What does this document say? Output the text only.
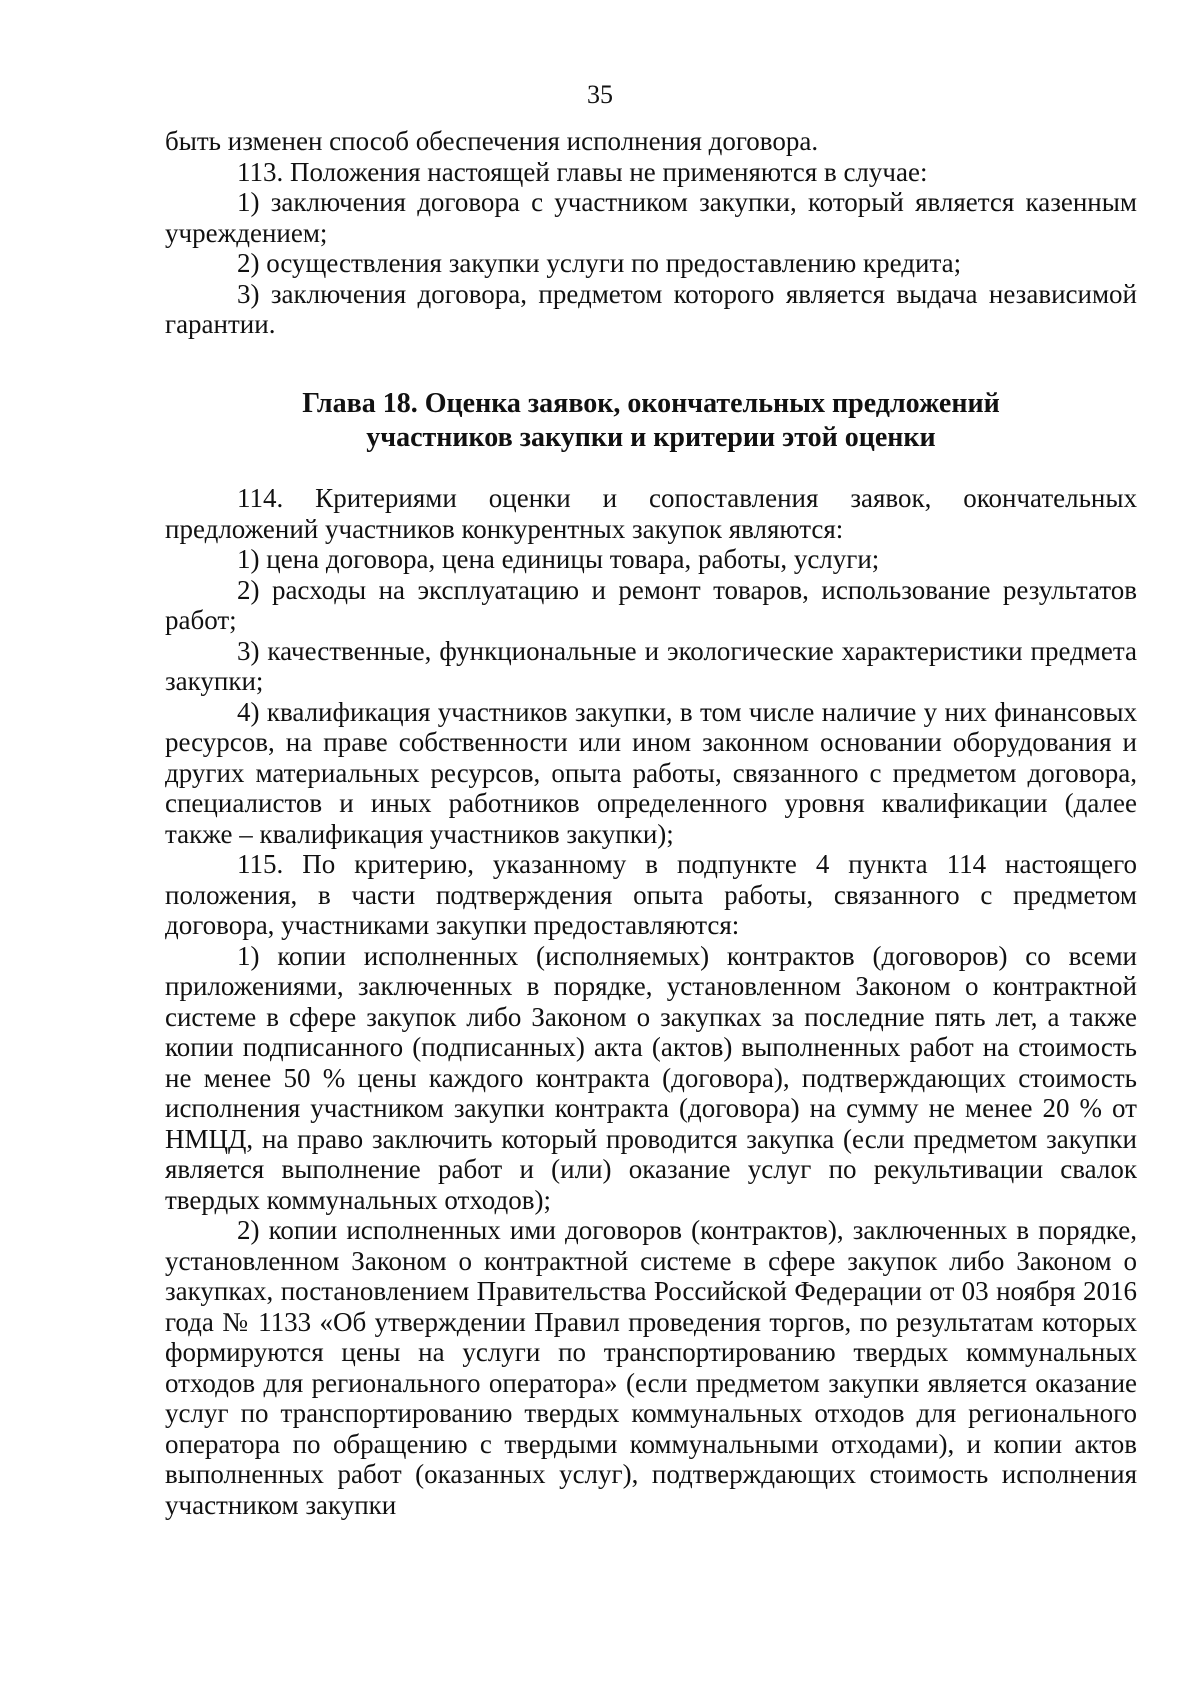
35

быть изменен способ обеспечения исполнения договора.

113. Положения настоящей главы не применяются в случае:

1) заключения договора с участником закупки, который является казенным учреждением;

2) осуществления закупки услуги по предоставлению кредита;

3) заключения договора, предметом которого является выдача независимой гарантии.

Глава 18. Оценка заявок, окончательных предложений
участников закупки и критерии этой оценки

114. Критериями оценки и сопоставления заявок, окончательных предложений участников конкурентных закупок являются:

1) цена договора, цена единицы товара, работы, услуги;

2) расходы на эксплуатацию и ремонт товаров, использование результатов работ;

3) качественные, функциональные и экологические характеристики предмета закупки;

4) квалификация участников закупки, в том числе наличие у них финансовых ресурсов, на праве собственности или ином законном основании оборудования и других материальных ресурсов, опыта работы, связанного с предметом договора, специалистов и иных работников определенного уровня квалификации (далее также – квалификация участников закупки);

115. По критерию, указанному в подпункте 4 пункта 114 настоящего положения, в части подтверждения опыта работы, связанного с предметом договора, участниками закупки предоставляются:

1) копии исполненных (исполняемых) контрактов (договоров) со всеми приложениями, заключенных в порядке, установленном Законом о контрактной системе в сфере закупок либо Законом о закупках за последние пять лет, а также копии подписанного (подписанных) акта (актов) выполненных работ на стоимость не менее 50 % цены каждого контракта (договора), подтверждающих стоимость исполнения участником закупки контракта (договора) на сумму не менее 20 % от НМЦД, на право заключить который проводится закупка (если предметом закупки является выполнение работ и (или) оказание услуг по рекультивации свалок твердых коммунальных отходов);

2) копии исполненных ими договоров (контрактов), заключенных в порядке, установленном Законом о контрактной системе в сфере закупок либо Законом о закупках, постановлением Правительства Российской Федерации от 03 ноября 2016 года № 1133 «Об утверждении Правил проведения торгов, по результатам которых формируются цены на услуги по транспортированию твердых коммунальных отходов для регионального оператора» (если предметом закупки является оказание услуг по транспортированию твердых коммунальных отходов для регионального оператора по обращению с твердыми коммунальными отходами), и копии актов выполненных работ (оказанных услуг), подтверждающих стоимость исполнения участником закупки
